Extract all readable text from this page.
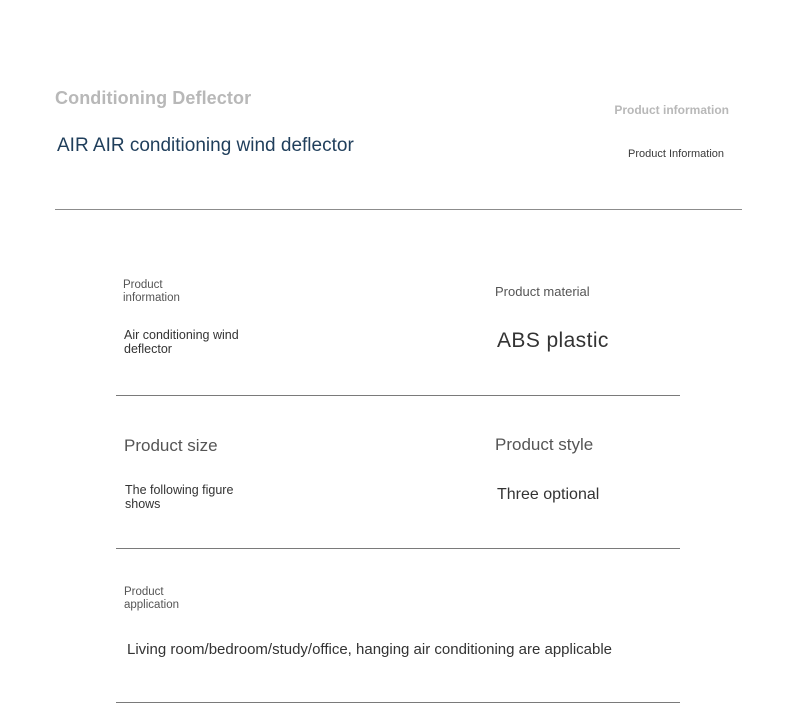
Conditioning Deflector
AIR AIR conditioning wind deflector
Product information
Product Information
Product information
Air conditioning wind deflector
Product material
ABS plastic
Product size
The following figure shows
Product style
Three optional
Product application
Living room/bedroom/study/office, hanging air conditioning are applicable
